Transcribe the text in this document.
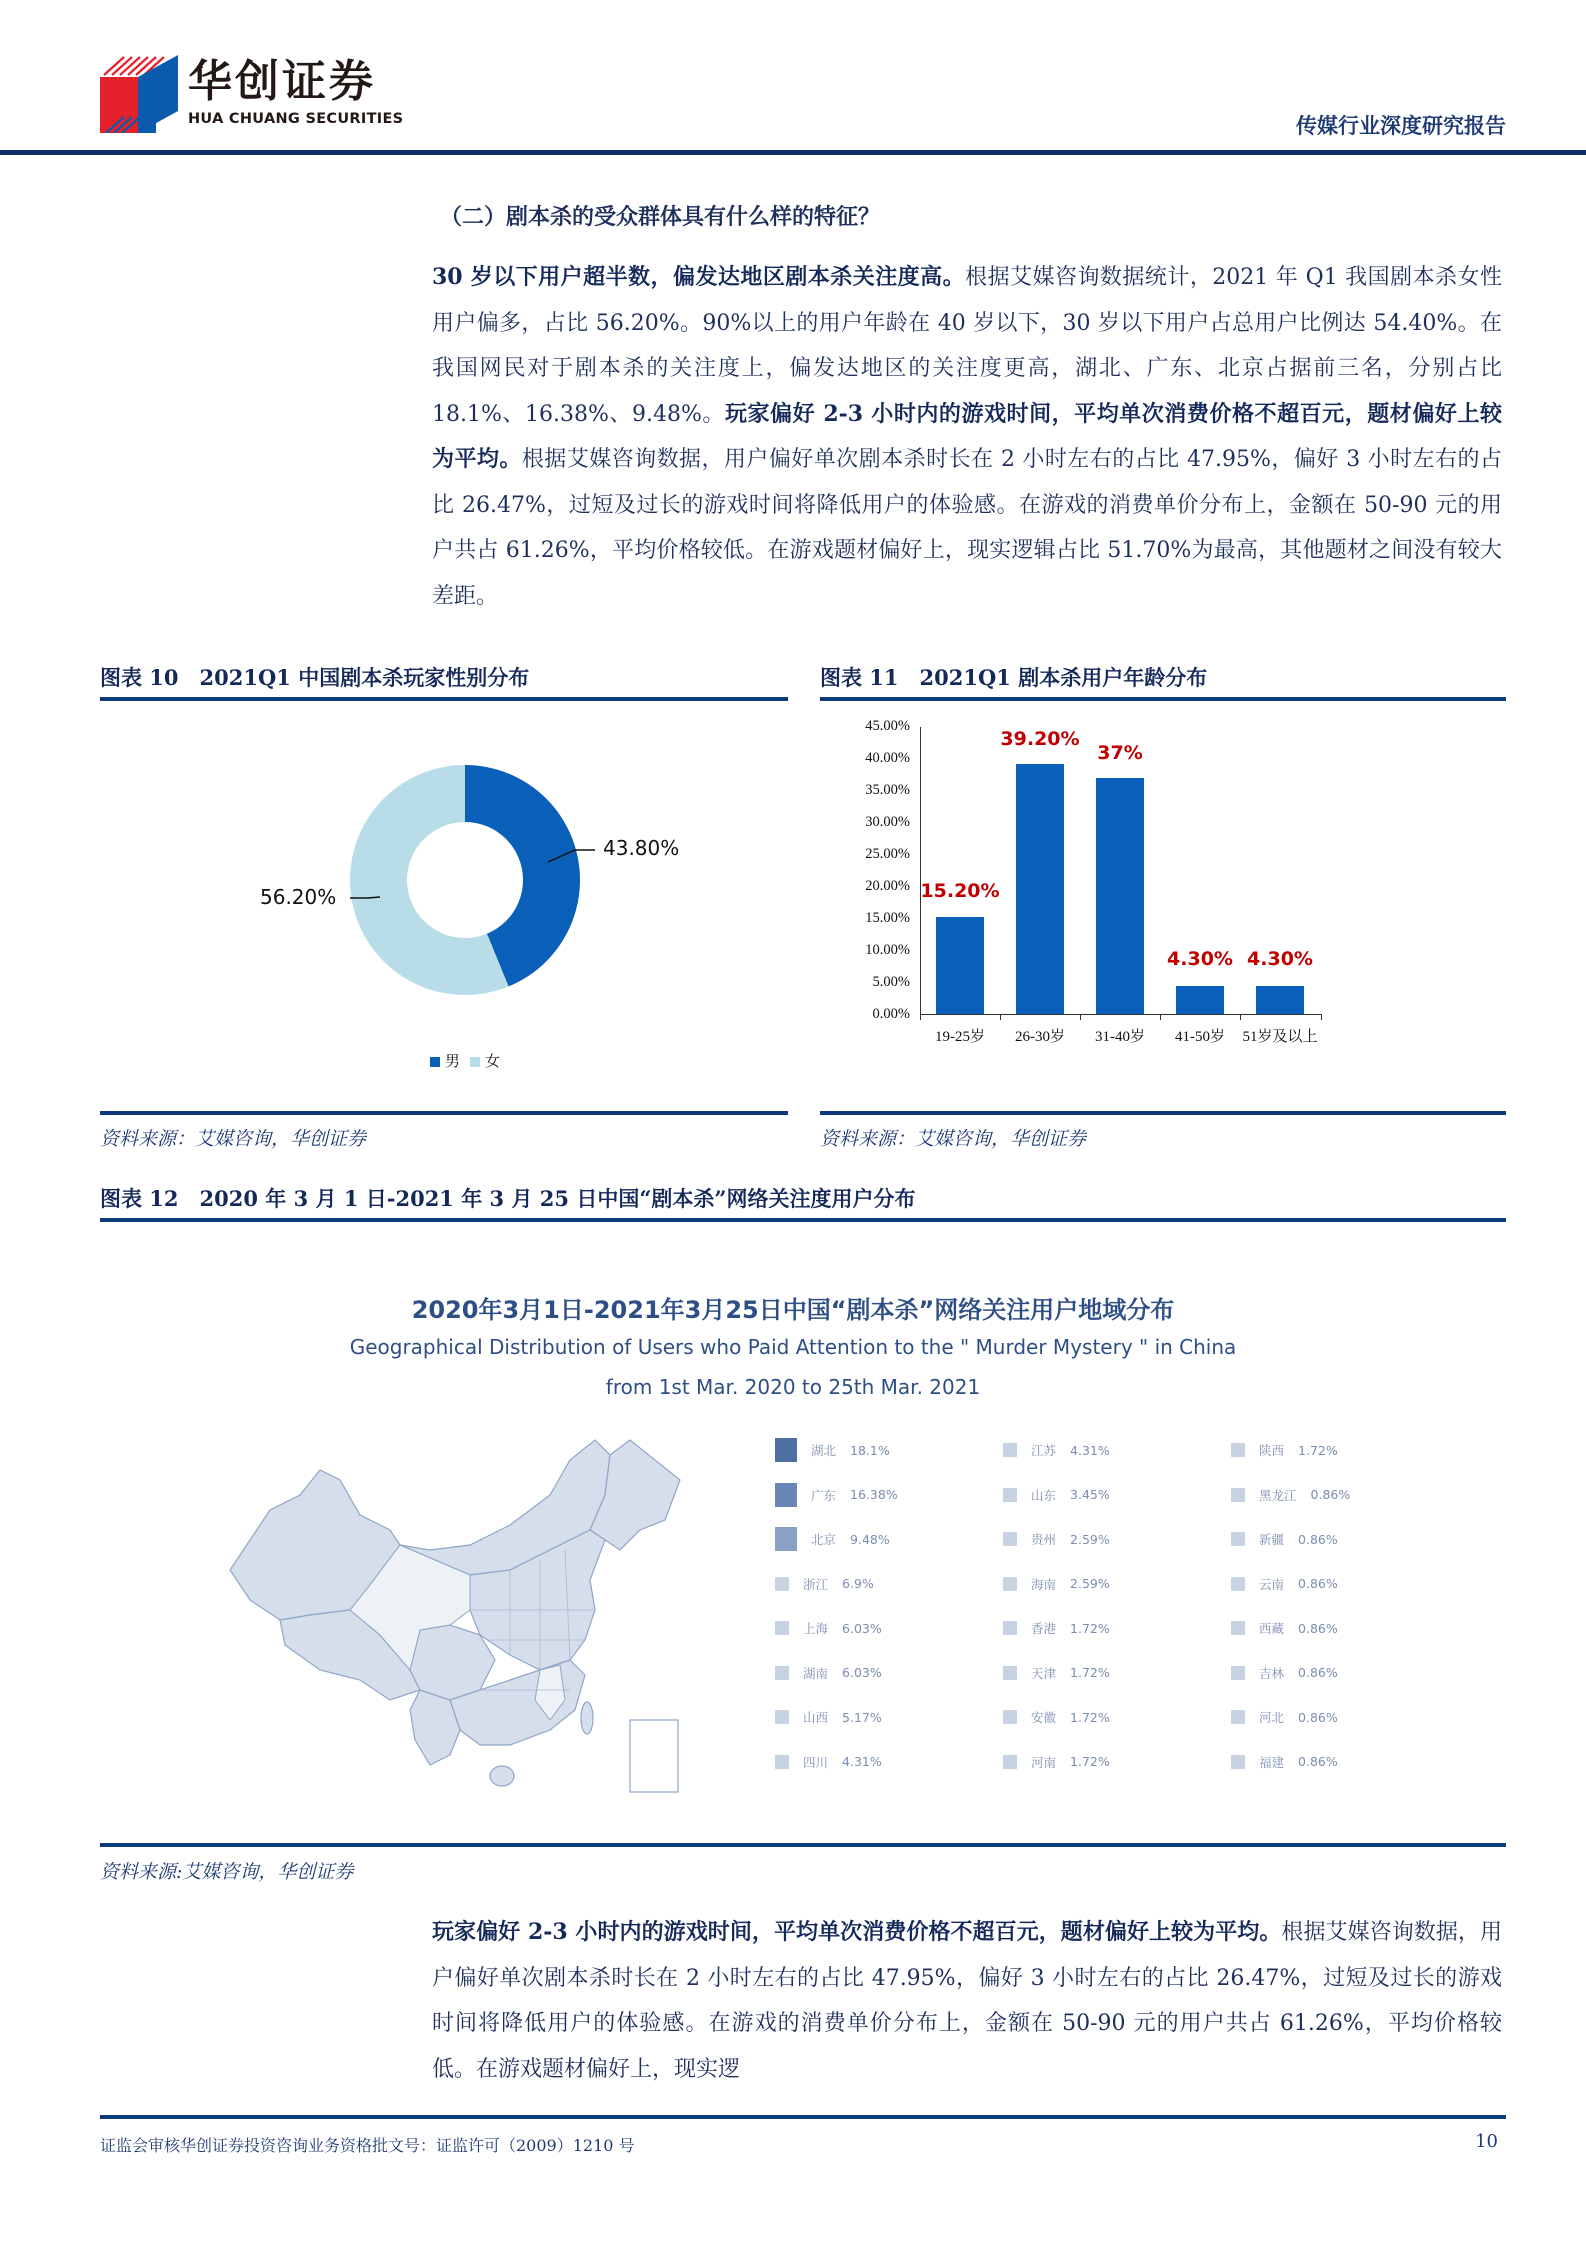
华创证券
HUA CHUANG SECURITIES	传媒行业深度研究报告
（二）剧本杀的受众群体具有什么样的特征？
30 岁以下用户超半数，偏发达地区剧本杀关注度高。根据艾媒咨询数据统计，2021 年 Q1 我国剧本杀女性用户偏多，占比 56.20%。90%以上的用户年龄在 40 岁以下，30 岁以下用户占总用户比例达 54.40%。在我国网民对于剧本杀的关注度上，偏发达地区的关注度更高，湖北、广东、北京占据前三名，分别占比 18.1%、16.38%、9.48%。玩家偏好 2-3 小时内的游戏时间，平均单次消费价格不超百元，题材偏好上较为平均。根据艾媒咨询数据，用户偏好单次剧本杀时长在 2 小时左右的占比 47.95%，偏好 3 小时左右的占比 26.47%，过短及过长的游戏时间将降低用户的体验感。在游戏的消费单价分布上，金额在 50-90 元的用户共占 61.26%，平均价格较低。在游戏题材偏好上，现实逻辑占比 51.70%为最高，其他题材之间没有较大差距。
图表 10　2021Q1 中国剧本杀玩家性别分布
43.80%
56.20%
男	女
资料来源：艾媒咨询，华创证券
图表 11　2021Q1 剧本杀用户年龄分布
45.00%
40.00%
35.00%
30.00%
25.00%
20.00%
15.00%
10.00%
5.00%
0.00%
15.20%
19-25岁
39.20%
26-30岁
37%
31-40岁
4.30%
41-50岁
4.30%
51岁及以上
资料来源：艾媒咨询，华创证券
图表 12　2020 年 3 月 1 日-2021 年 3 月 25 日中国“剧本杀”网络关注度用户分布
2020年3月1日-2021年3月25日中国“剧本杀”网络关注用户地域分布
Geographical Distribution of Users who Paid Attention to the " Murder Mystery " in China
from 1st Mar. 2020 to 25th Mar. 2021
湖北 18.1%	江苏 4.31%	陕西 1.72%
广东 16.38%	山东 3.45%	黑龙江 0.86%
北京 9.48%	贵州 2.59%	新疆 0.86%
浙江 6.9%	海南 2.59%	云南 0.86%
上海 6.03%	香港 1.72%	西藏 0.86%
湖南 6.03%	天津 1.72%	吉林 0.86%
山西 5.17%	安徽 1.72%	河北 0.86%
四川 4.31%	河南 1.72%	福建 0.86%
资料来源:艾媒咨询，华创证券
玩家偏好 2-3 小时内的游戏时间，平均单次消费价格不超百元，题材偏好上较为平均。根据艾媒咨询数据，用户偏好单次剧本杀时长在 2 小时左右的占比 47.95%，偏好 3 小时左右的占比 26.47%，过短及过长的游戏时间将降低用户的体验感。在游戏的消费单价分布上，金额在 50-90 元的用户共占 61.26%，平均价格较低。在游戏题材偏好上，现实逻
证监会审核华创证券投资咨询业务资格批文号：证监许可（2009）1210 号	10
